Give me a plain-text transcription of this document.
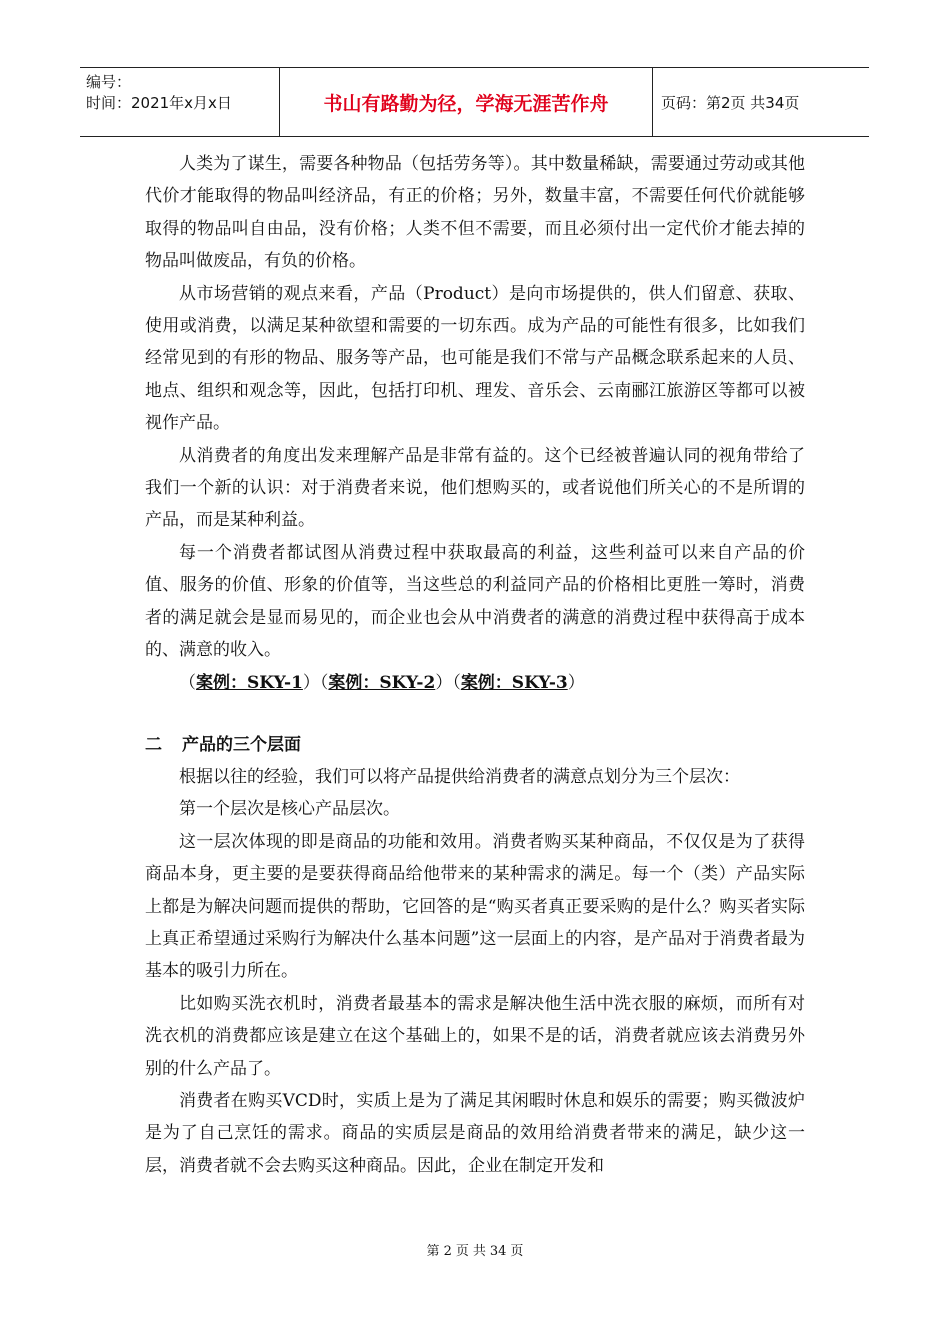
编号：
时间：2021年x月x日	书山有路勤为径，学海无涯苦作舟	页码：第2页 共34页

人类为了谋生，需要各种物品（包括劳务等）。其中数量稀缺，需要通过劳动或其他代价才能取得的物品叫经济品，有正的价格；另外，数量丰富，不需要任何代价就能够取得的物品叫自由品，没有价格；人类不但不需要，而且必须付出一定代价才能去掉的物品叫做废品，有负的价格。

从市场营销的观点来看，产品（Product）是向市场提供的，供人们留意、获取、使用或消费，以满足某种欲望和需要的一切东西。成为产品的可能性有很多，比如我们经常见到的有形的物品、服务等产品，也可能是我们不常与产品概念联系起来的人员、地点、组织和观念等，因此，包括打印机、理发、音乐会、云南郦江旅游区等都可以被视作产品。

从消费者的角度出发来理解产品是非常有益的。这个已经被普遍认同的视角带给了我们一个新的认识：对于消费者来说，他们想购买的，或者说他们所关心的不是所谓的产品，而是某种利益。

每一个消费者都试图从消费过程中获取最高的利益，这些利益可以来自产品的价值、服务的价值、形象的价值等，当这些总的利益同产品的价格相比更胜一筹时，消费者的满足就会是显而易见的，而企业也会从中消费者的满意的消费过程中获得高于成本的、满意的收入。

（案例：SKY-1）（案例：SKY-2）（案例：SKY-3）

二 产品的三个层面

根据以往的经验，我们可以将产品提供给消费者的满意点划分为三个层次：

第一个层次是核心产品层次。

这一层次体现的即是商品的功能和效用。消费者购买某种商品，不仅仅是为了获得商品本身，更主要的是要获得商品给他带来的某种需求的满足。每一个（类）产品实际上都是为解决问题而提供的帮助，它回答的是“购买者真正要采购的是什么？购买者实际上真正希望通过采购行为解决什么基本问题”这一层面上的内容，是产品对于消费者最为基本的吸引力所在。

比如购买洗衣机时，消费者最基本的需求是解决他生活中洗衣服的麻烦，而所有对洗衣机的消费都应该是建立在这个基础上的，如果不是的话，消费者就应该去消费另外别的什么产品了。

消费者在购买VCD时，实质上是为了满足其闲暇时休息和娱乐的需要；购买微波炉是为了自己烹饪的需求。商品的实质层是商品的效用给消费者带来的满足，缺少这一层，消费者就不会去购买这种商品。因此，企业在制定开发和

第 2 页 共 34 页
